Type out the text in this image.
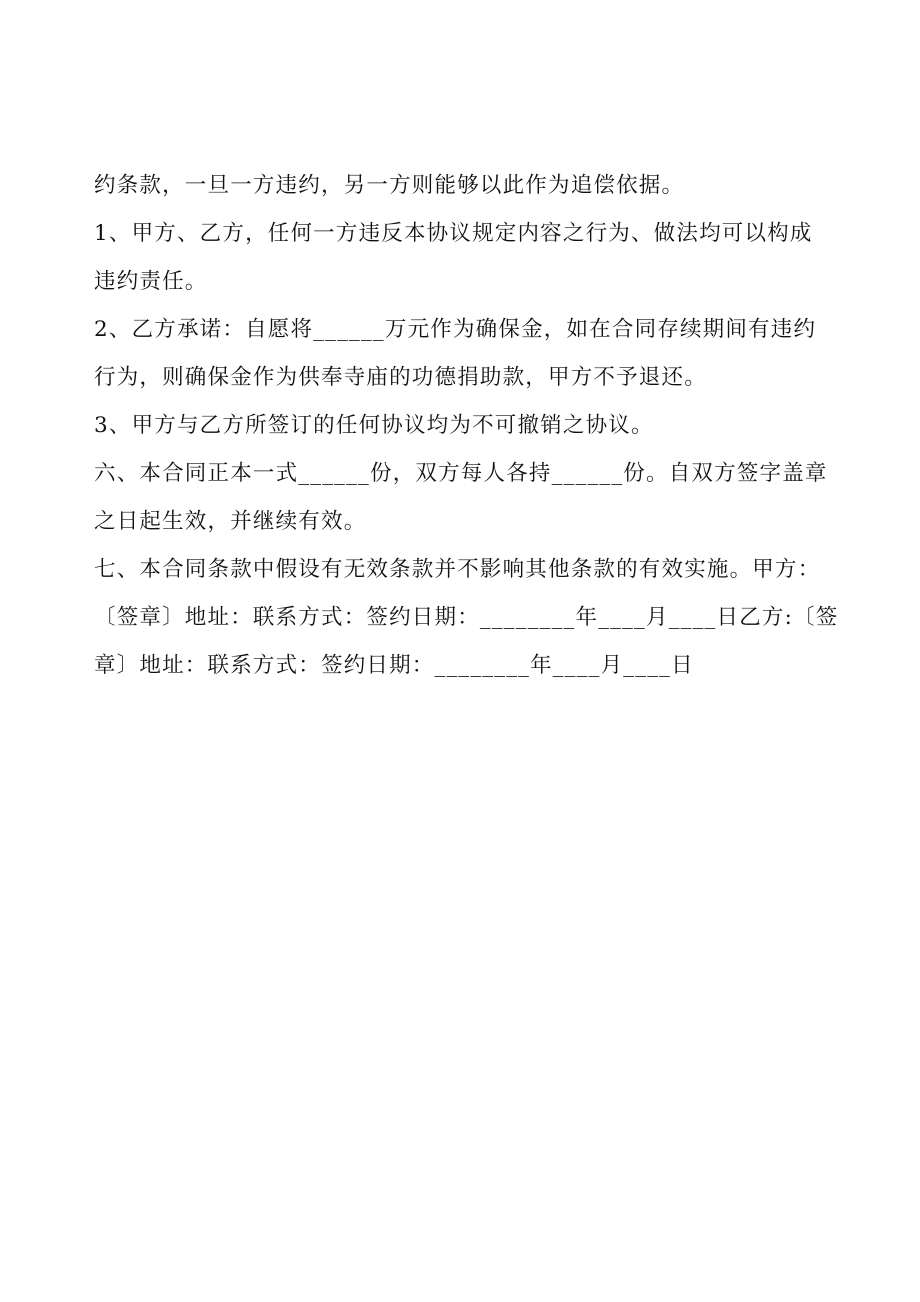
约条款，一旦一方违约，另一方则能够以此作为追偿依据。
1、甲方、乙方，任何一方违反本协议规定内容之行为、做法均可以构成
违约责任。
2、乙方承诺：自愿将______万元作为确保金，如在合同存续期间有违约
行为，则确保金作为供奉寺庙的功德捐助款，甲方不予退还。
3、甲方与乙方所签订的任何协议均为不可撤销之协议。
六、本合同正本一式______份，双方每人各持______份。自双方签字盖章
之日起生效，并继续有效。
七、本合同条款中假设有无效条款并不影响其他条款的有效实施。甲方：
〔签章〕地址：联系方式：签约日期：________年____月____日乙方:〔签
章〕地址：联系方式：签约日期：________年____月____日
